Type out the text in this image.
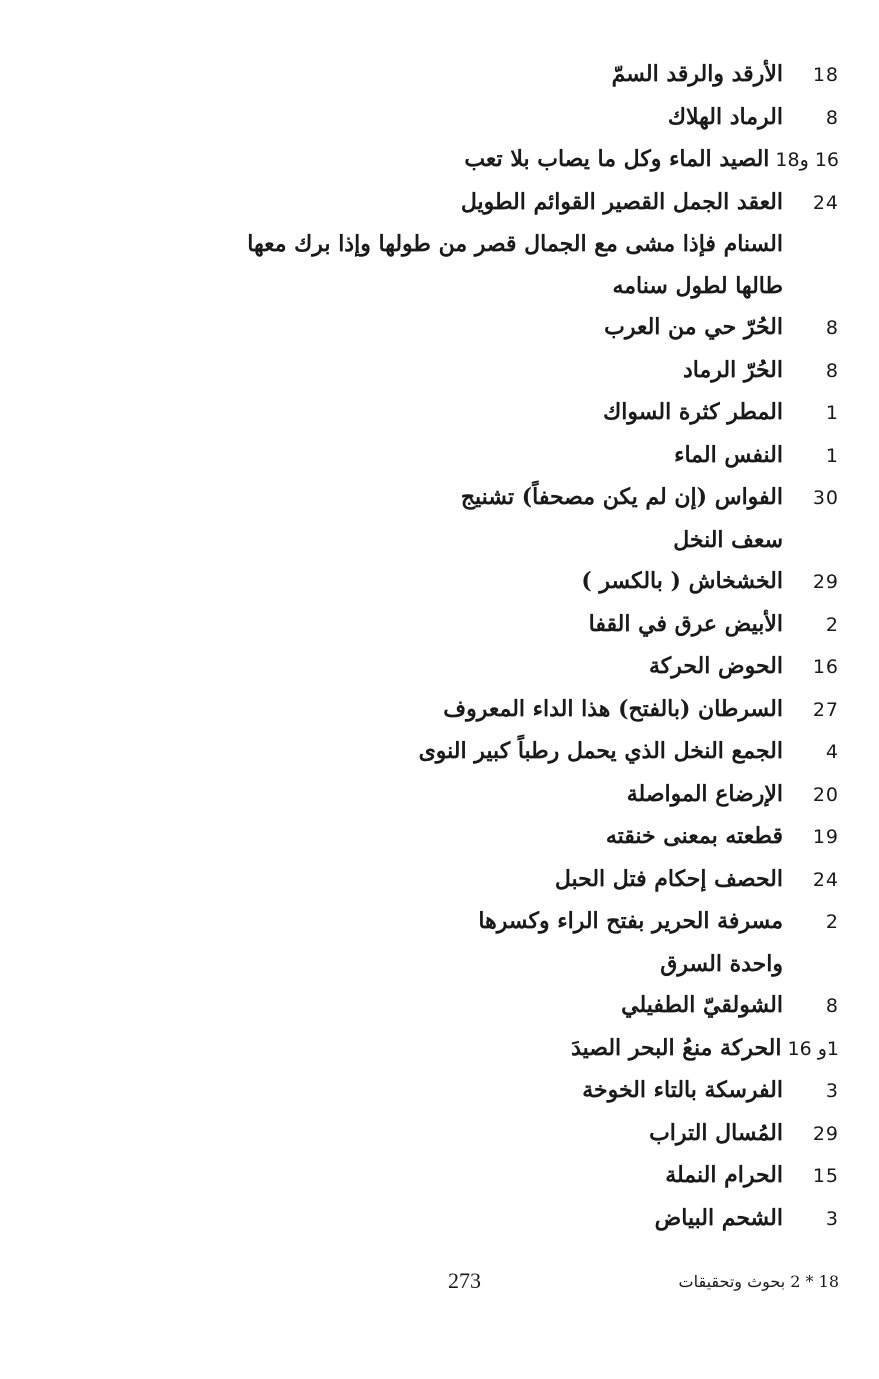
18الأرقد والرقد السمّ
8الرماد الهلاك
16 و18الصيد الماء وكل ما يصاب بلا تعب
24العقد الجمل القصير القوائم الطويل
السنام فإذا مشى مع الجمال قصر من طولها وإذا برك معها
طالها لطول سنامه
8الحُرّ حي من العرب
8الحُرّ الرماد
1المطر كثرة السواك
1النفس الماء
30الفواس (إن لم يكن مصحفاً) تشنيج
سعف النخل
29الخشخاش ( بالكسر )
2الأبيض عرق في القفا
16الحوض الحركة
27السرطان (بالفتح) هذا الداء المعروف
4الجمع النخل الذي يحمل رطباً كبير النوى
20الإرضاع المواصلة
19قطعته بمعنى خنقته
24الحصف إحكام فتل الحبل
2مسرفة الحرير بفتح الراء وكسرها
واحدة السرق
8الشولقيّ الطفيلي
1و 16الحركة منعُ البحر الصيدَ
3الفرسكة بالتاء الخوخة
29المُسال التراب
15الحرام النملة
3الشحم البياض
273	18 * 2 بحوث وتحقيقات
